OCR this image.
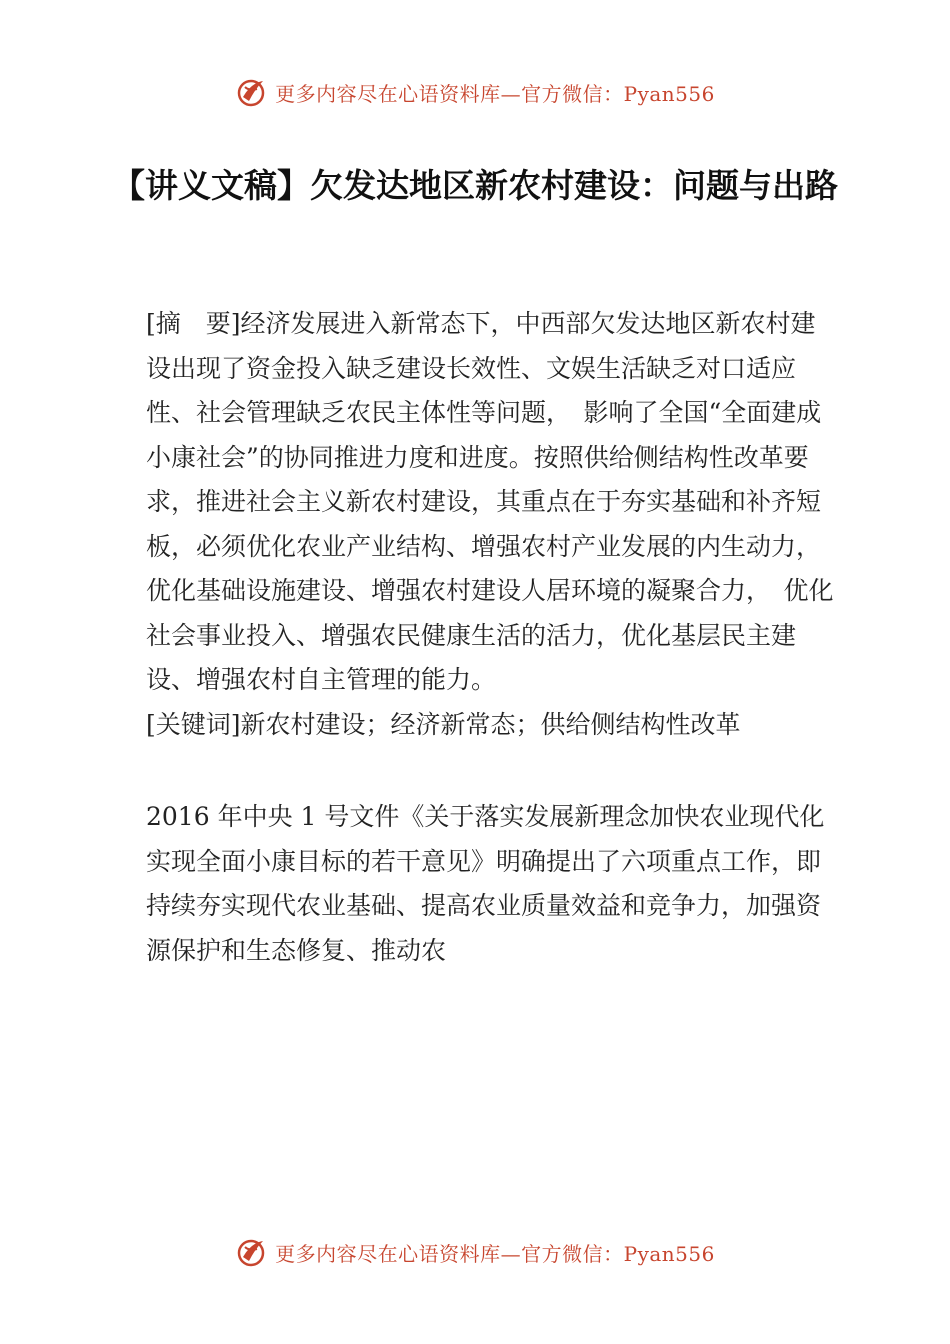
更多内容尽在心语资料库—官方微信：Pyan556
【讲义文稿】欠发达地区新农村建设：问题与出路

[摘　要]经济发展进入新常态下，中西部欠发达地区新农村建设出现了资金投入缺乏建设长效性、文娱生活缺乏对口适应性、社会管理缺乏农民主体性等问题，　影响了全国“全面建成小康社会”的协同推进力度和进度。按照供给侧结构性改革要求，推进社会主义新农村建设，其重点在于夯实基础和补齐短板，必须优化农业产业结构、增强农村产业发展的内生动力，优化基础设施建设、增强农村建设人居环境的凝聚合力，　优化社会事业投入、增强农民健康生活的活力，优化基层民主建设、增强农村自主管理的能力。

[关键词]新农村建设；经济新常态；供给侧结构性改革

2016 年中央 1 号文件《关于落实发展新理念加快农业现代化实现全面小康目标的若干意见》明确提出了六项重点工作，即持续夯实现代农业基础、提高农业质量效益和竞争力，加强资源保护和生态修复、推动农

更多内容尽在心语资料库—官方微信：Pyan556
